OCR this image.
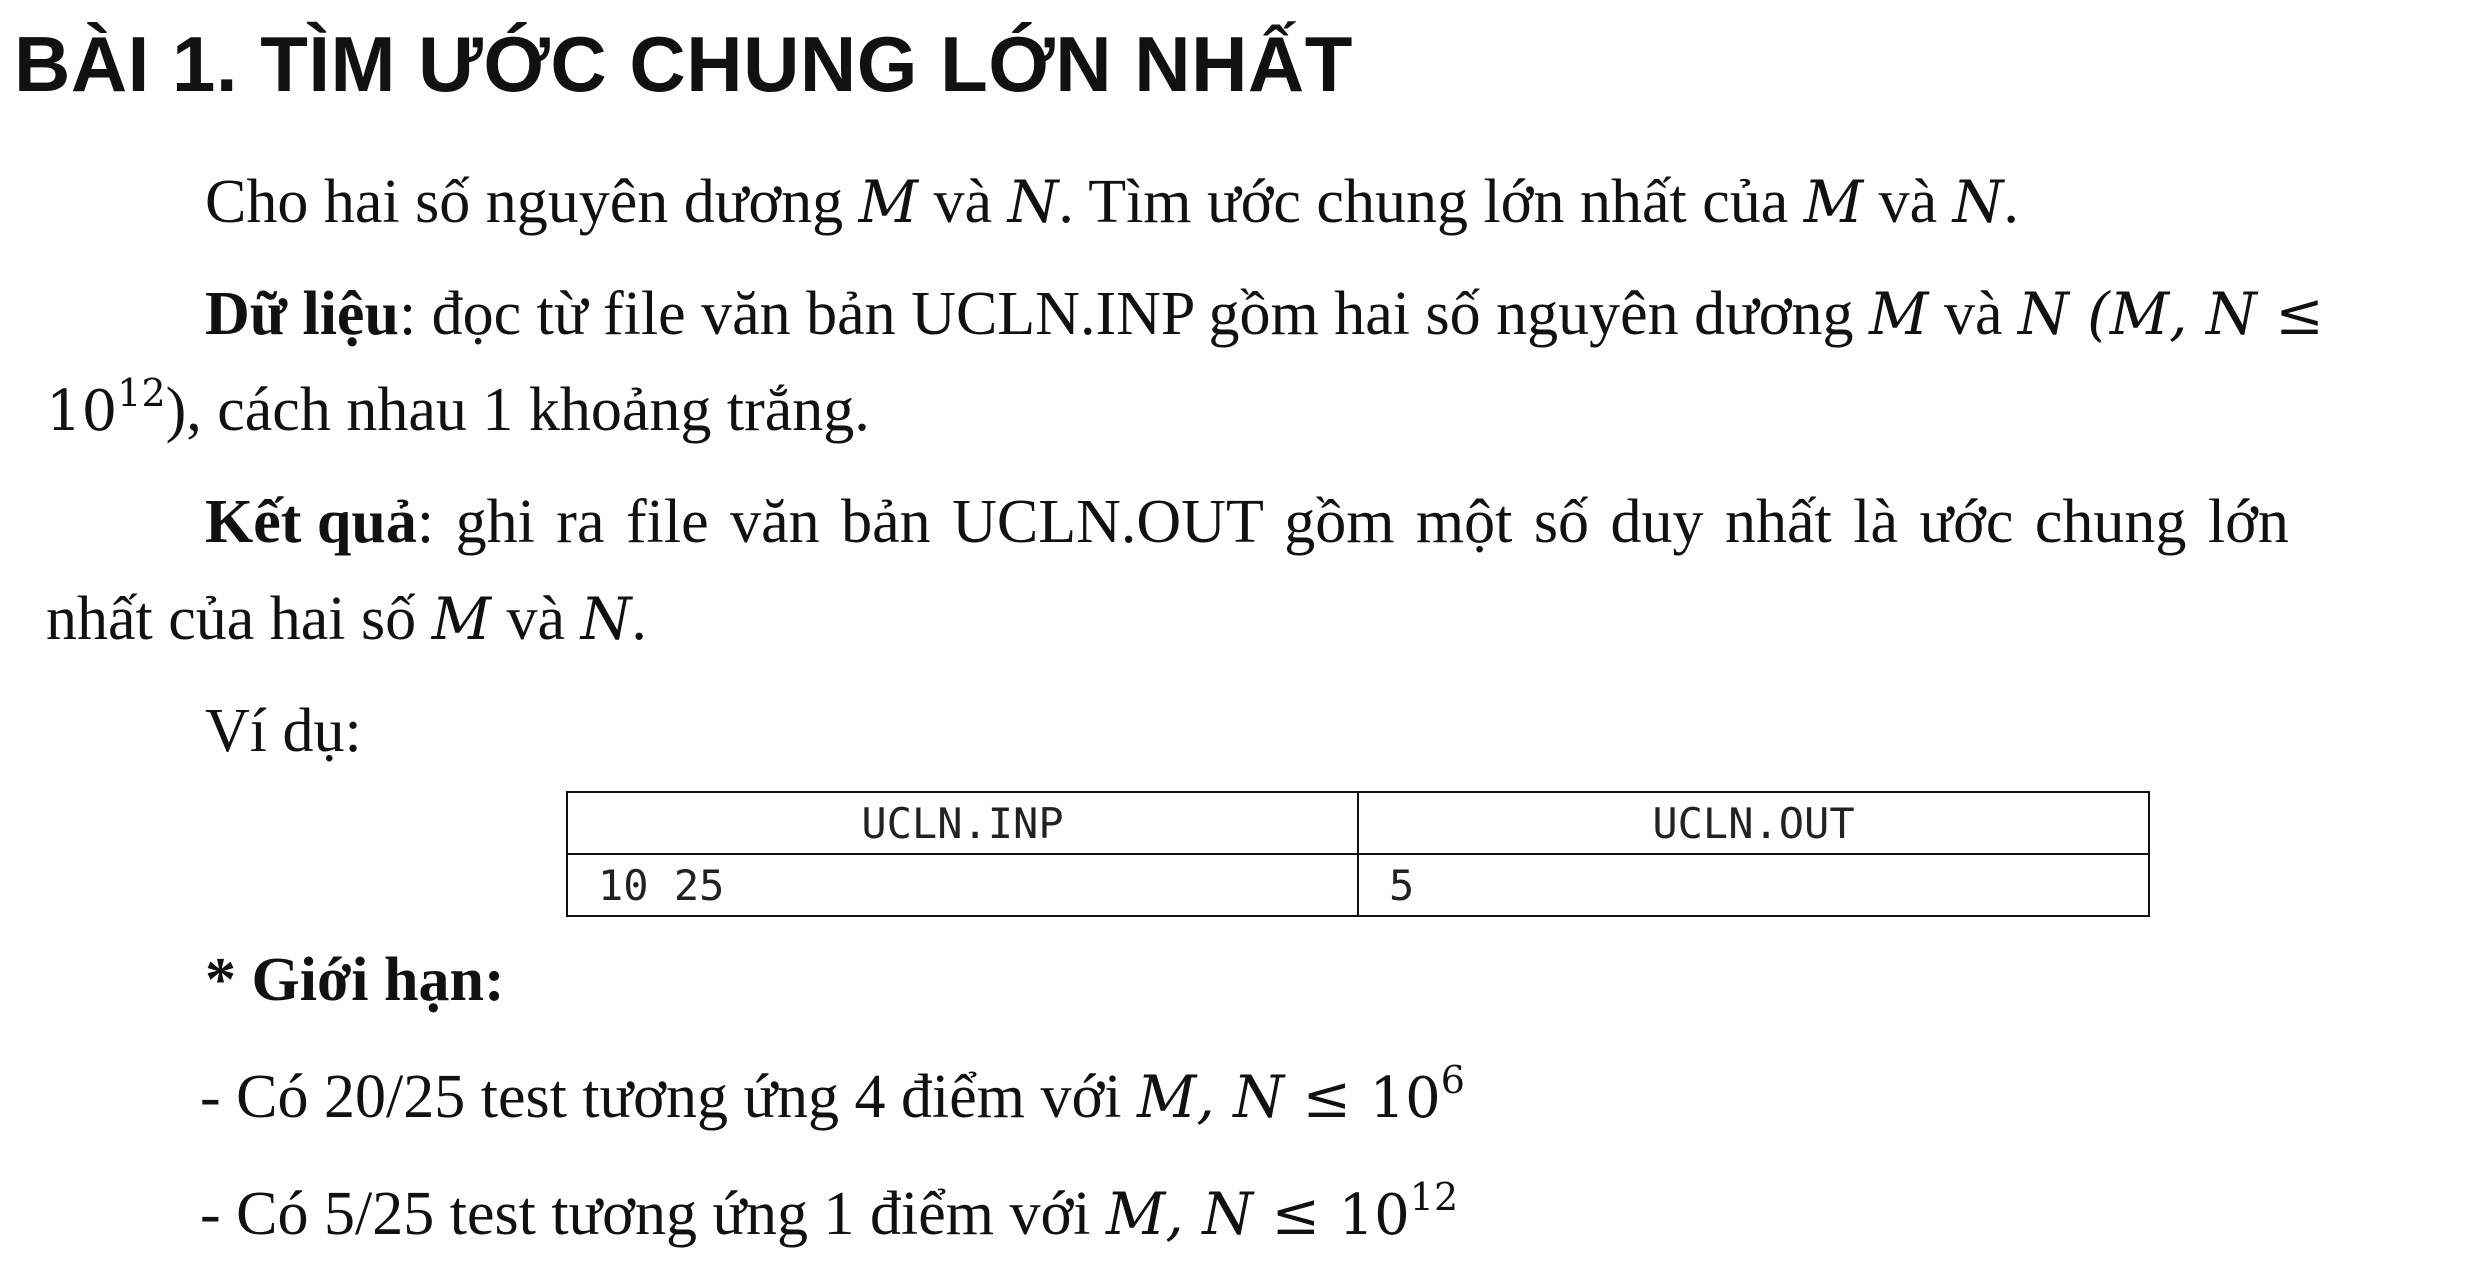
BÀI 1. TÌM ƯỚC CHUNG LỚN NHẤT
Cho hai số nguyên dương M và N. Tìm ước chung lớn nhất của M và N.
Dữ liệu: đọc từ file văn bản UCLN.INP gồm hai số nguyên dương M và N (M, N ≤
$10^{12}$), cách nhau 1 khoảng trắng.
Kết quả: ghi ra file văn bản UCLN.OUT gồm một số duy nhất là ước chung lớn
nhất của hai số M và N.
Ví dụ:
UCLN.INP	UCLN.OUT
10 25	5
* Giới hạn:
- Có 20/25 test tương ứng 4 điểm với M, $N \le 10^6$
- Có 5/25 test tương ứng 1 điểm với M, $N \le 10^{12}$
